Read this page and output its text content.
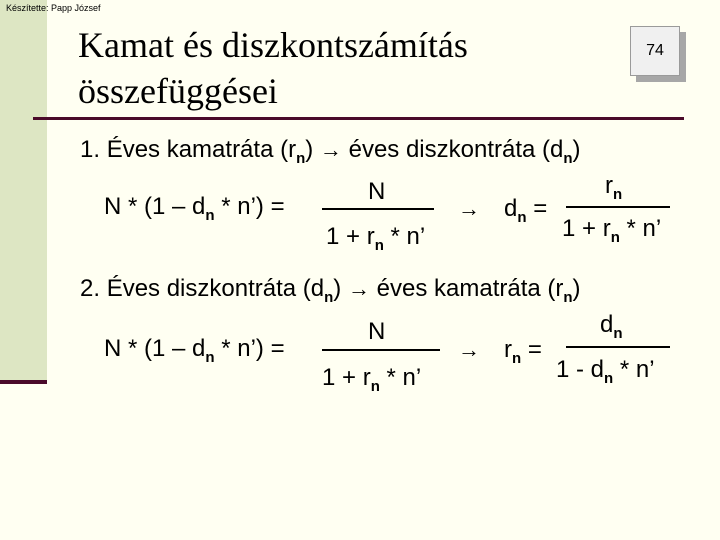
Készítette: Papp József
Kamat és diszkontszámítás
összefüggései
74
1. Éves kamatráta $(r_n)$ → éves diszkontráta $(d_n)$
N * ($1 - d_n$ * n’) =
N
$1 + r_n * n$’
→ $d_n$ =
$r_n$
$1 + r_n * n$’
2. Éves diszkontráta $(d_n)$ → éves kamatráta $(r_n)$
N * ($1 - d_n$ * n’) =
N
$1 + r_n * n$’
→ $r_n$ =
$d_n$
$1 - d_n$ * n’
